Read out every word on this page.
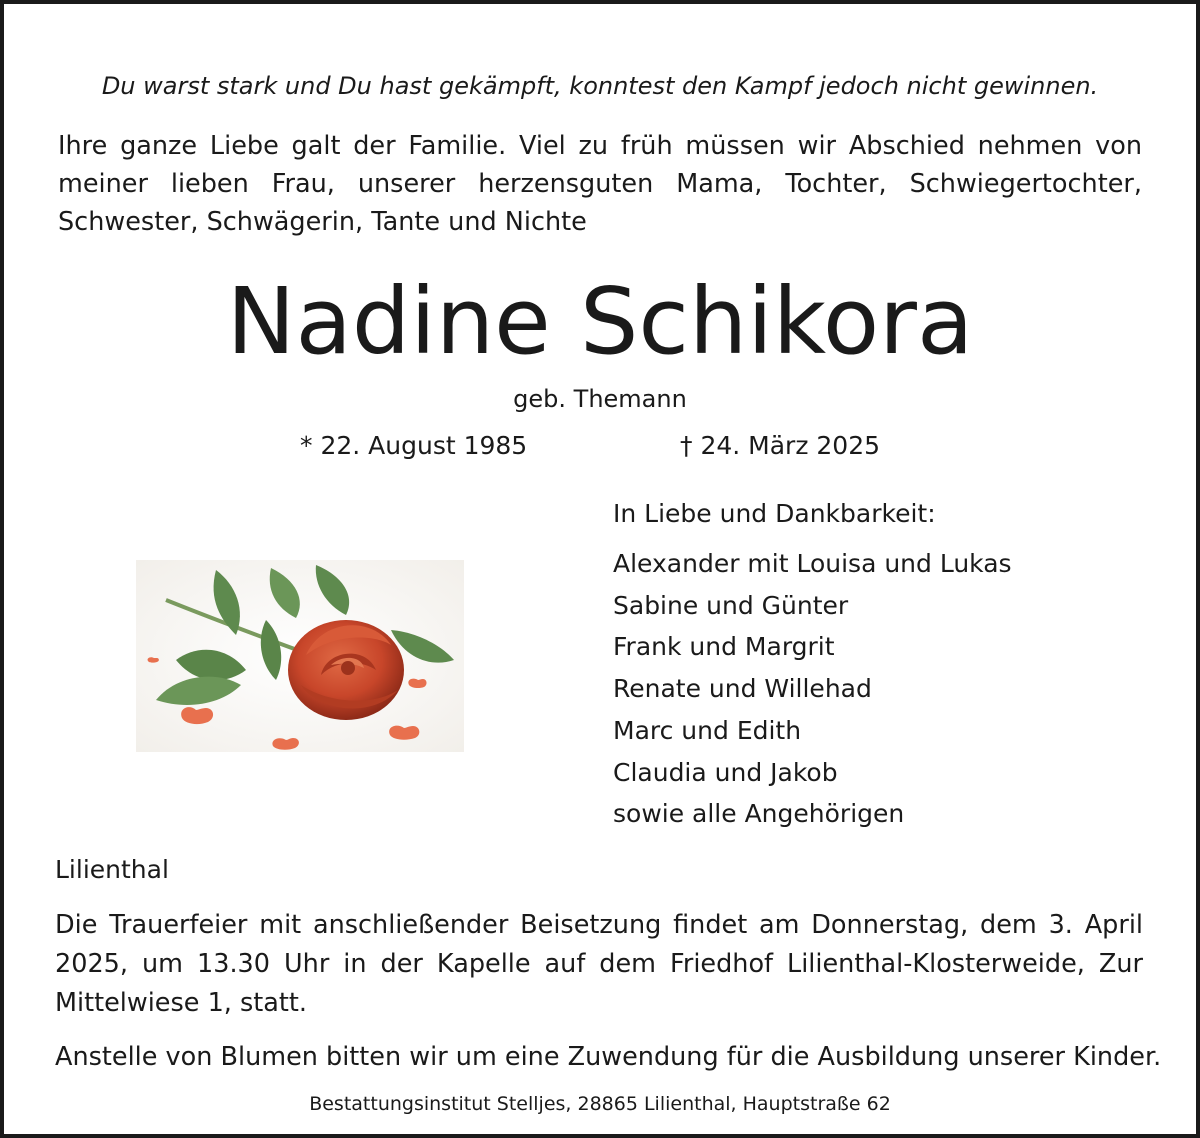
Du warst stark und Du hast gekämpft, konntest den Kampf jedoch nicht gewinnen.

Ihre ganze Liebe galt der Familie. Viel zu früh müssen wir Abschied nehmen von meiner lieben Frau, unserer herzensguten Mama, Tochter, Schwiegertochter, Schwester, Schwägerin, Tante und Nichte

Nadine Schikora
geb. Themann
* 22. August 1985	† 24. März 2025
In Liebe und Dankbarkeit:
Alexander mit Louisa und Lukas
Sabine und Günter
Frank und Margrit
Renate und Willehad
Marc und Edith
Claudia und Jakob
sowie alle Angehörigen
Lilienthal

Die Trauerfeier mit anschließender Beisetzung findet am Donnerstag, dem 3. April 2025, um 13.30 Uhr in der Kapelle auf dem Friedhof Lilienthal-Klosterweide, Zur Mittelwiese 1, statt.

Anstelle von Blumen bitten wir um eine Zuwendung für die Ausbildung unserer Kinder.

Bestattungsinstitut Stelljes, 28865 Lilienthal, Hauptstraße 62
